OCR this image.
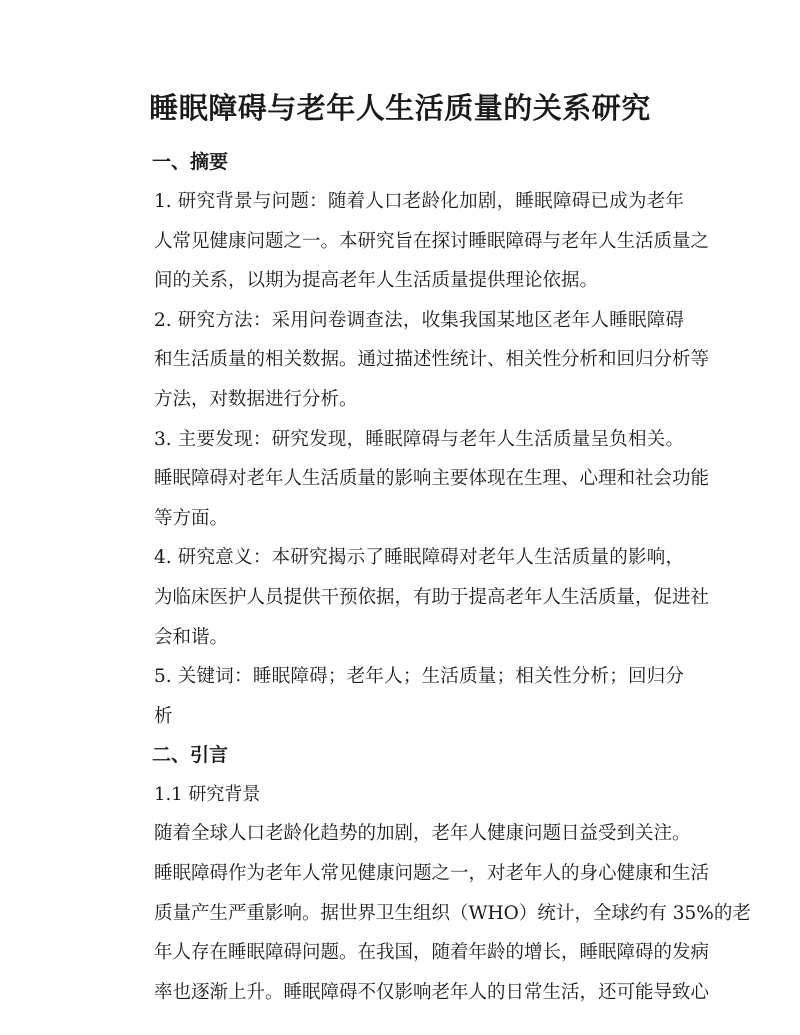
睡眠障碍与老年人生活质量的关系研究

一、摘要

1. 研究背景与问题：随着人口老龄化加剧，睡眠障碍已成为老年
人常见健康问题之一。本研究旨在探讨睡眠障碍与老年人生活质量之
间的关系，以期为提高老年人生活质量提供理论依据。

2. 研究方法：采用问卷调查法，收集我国某地区老年人睡眠障碍
和生活质量的相关数据。通过描述性统计、相关性分析和回归分析等
方法，对数据进行分析。

3. 主要发现：研究发现，睡眠障碍与老年人生活质量呈负相关。
睡眠障碍对老年人生活质量的影响主要体现在生理、心理和社会功能
等方面。

4. 研究意义：本研究揭示了睡眠障碍对老年人生活质量的影响，
为临床医护人员提供干预依据，有助于提高老年人生活质量，促进社
会和谐。

5. 关键词：睡眠障碍；老年人；生活质量；相关性分析；回归分
析

二、引言

1.1 研究背景

随着全球人口老龄化趋势的加剧，老年人健康问题日益受到关注。
睡眠障碍作为老年人常见健康问题之一，对老年人的身心健康和生活
质量产生严重影响。据世界卫生组织（WHO）统计，全球约有 35%的老
年人存在睡眠障碍问题。在我国，随着年龄的增长，睡眠障碍的发病
率也逐渐上升。睡眠障碍不仅影响老年人的日常生活，还可能导致心
